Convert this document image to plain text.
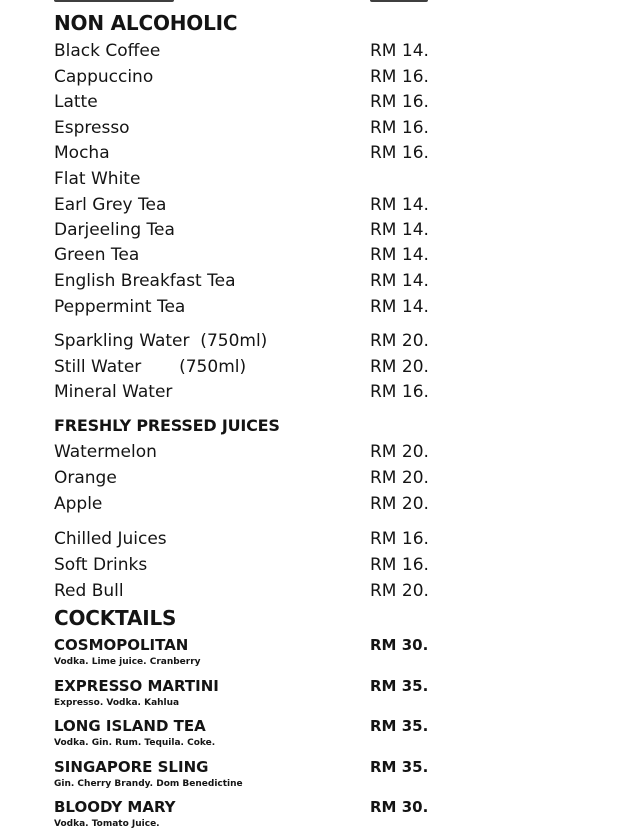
NON ALCOHOLIC
Black Coffee	RM 14.
Cappuccino	RM 16.
Latte	RM 16.
Espresso	RM 16.
Mocha	RM 16.
Flat White
Earl Grey Tea	RM 14.
Darjeeling Tea	RM 14.
Green Tea	RM 14.
English Breakfast Tea	RM 14.
Peppermint Tea	RM 14.
Sparkling Water  (750ml)	RM 20.
Still Water       (750ml)	RM 20.
Mineral Water	RM 16.
FRESHLY PRESSED JUICES
Watermelon	RM 20.
Orange	RM 20.
Apple	RM 20.
Chilled Juices	RM 16.
Soft Drinks	RM 16.
Red Bull	RM 20.
COCKTAILS
COSMOPOLITAN	RM 30.
Vodka. Lime juice. Cranberry
EXPRESSO MARTINI	RM 35.
Expresso. Vodka. Kahlua
LONG ISLAND TEA	RM 35.
Vodka. Gin. Rum. Tequila. Coke.
SINGAPORE SLING	RM 35.
Gin. Cherry Brandy. Dom Benedictine
BLOODY MARY	RM 30.
Vodka. Tomato Juice.
